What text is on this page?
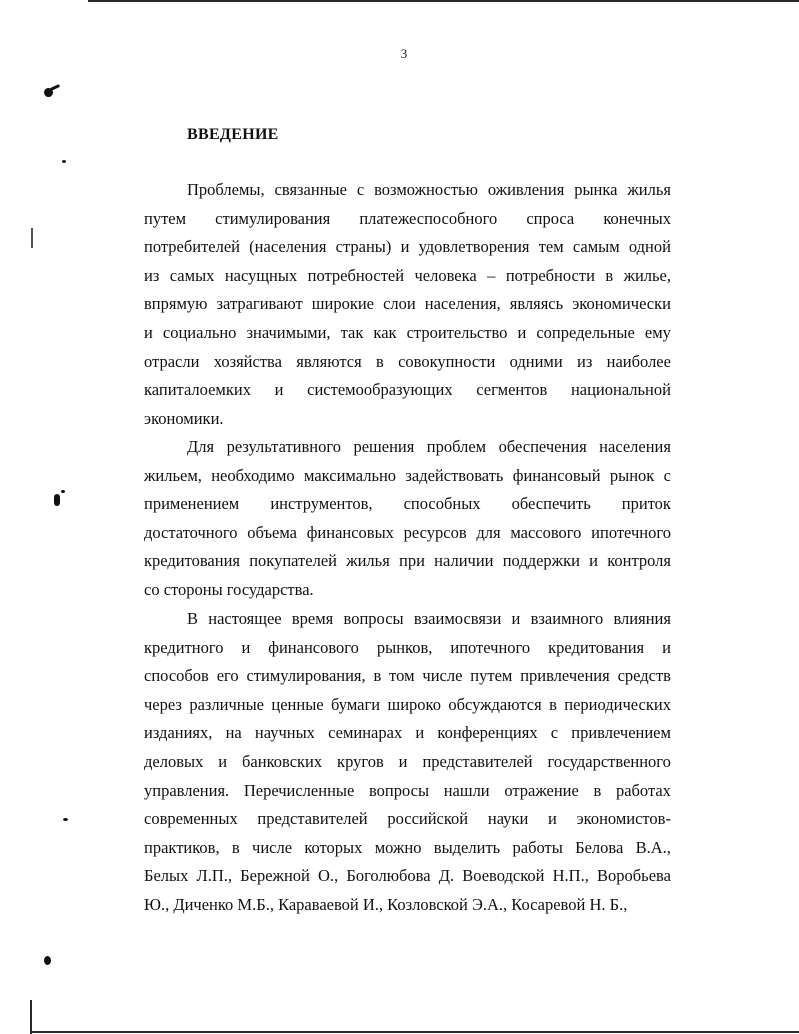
3
ВВЕДЕНИЕ
Проблемы, связанные с возможностью оживления рынка жилья
путем стимулирования платежеспособного спроса конечных
потребителей (населения страны) и удовлетворения тем самым одной
из самых насущных потребностей человека – потребности в жилье,
впрямую затрагивают широкие слои населения, являясь экономически
и социально значимыми, так как строительство и сопредельные ему
отрасли хозяйства являются в совокупности одними из наиболее
капиталоемких и системообразующих сегментов национальной
экономики.
Для результативного решения проблем обеспечения населения
жильем, необходимо максимально задействовать финансовый рынок с
применением инструментов, способных обеспечить приток
достаточного объема финансовых ресурсов для массового ипотечного
кредитования покупателей жилья при наличии поддержки и контроля
со стороны государства.
В настоящее время вопросы взаимосвязи и взаимного влияния
кредитного и финансового рынков, ипотечного кредитования и
способов его стимулирования, в том числе путем привлечения средств
через различные ценные бумаги широко обсуждаются в периодических
изданиях, на научных семинарах и конференциях с привлечением
деловых и банковских кругов и представителей государственного
управления. Перечисленные вопросы нашли отражение в работах
современных представителей российской науки и экономистов-
практиков, в числе которых можно выделить работы Белова В.А.,
Белых Л.П., Бережной О., Боголюбова Д. Воеводской Н.П., Воробьева
Ю., Диченко М.Б., Караваевой И., Козловской Э.А., Косаревой Н. Б.,
